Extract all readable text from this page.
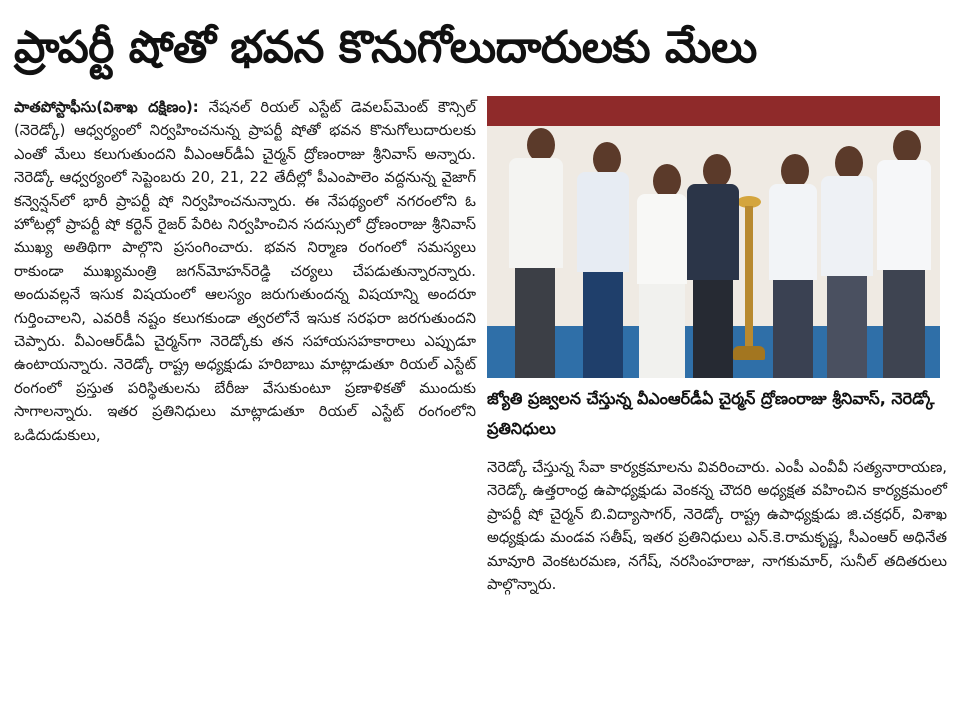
ప్రాపర్టీ షోతో భవన కొనుగోలుదారులకు మేలు
పాతపోస్టాఫీసు(విశాఖ దక్షిణం): నేషనల్ రియల్ ఎస్టేట్ డెవలప్‌మెంట్ కౌన్సిల్ (నెరెడ్కో) ఆధ్వర్యంలో నిర్వహించనున్న ప్రాపర్టీ షోతో భవన కొనుగోలుదారులకు ఎంతో మేలు కలుగుతుందని వీఎంఆర్‌డీఏ చైర్మన్ ద్రోణంరాజు శ్రీనివాస్ అన్నారు. నెరెడ్కో ఆధ్వర్యంలో సెప్టెంబరు 20, 21, 22 తేదీల్లో పీఎంపాలెం వద్దనున్న వైజాగ్ కన్వెన్షన్‌లో భారీ ప్రాపర్టీ షో నిర్వహించనున్నారు. ఈ నేపథ్యంలో నగరంలోని ఓ హోటల్లో ప్రాపర్టీ షో కర్టెన్ రైజర్ పేరిట నిర్వహించిన సదస్సులో ద్రోణంరాజు శ్రీనివాస్ ముఖ్య అతిథిగా పాల్గొని ప్రసంగించారు. భవన నిర్మాణ రంగంలో సమస్యలు రాకుండా ముఖ్యమంత్రి జగన్‌మోహన్‌రెడ్డి చర్యలు చేపడుతున్నారన్నారు. అందువల్లనే ఇసుక విషయంలో ఆలస్యం జరుగుతుందన్న విషయాన్ని అందరూ గుర్తించాలని, ఎవరికీ నష్టం కలుగకుండా త్వరలోనే ఇసుక సరఫరా జరగుతుందని చెప్పారు. వీఎంఆర్‌డీఏ చైర్మన్‌గా నెరెడ్కోకు తన సహాయసహకారాలు ఎప్పుడూ ఉంటాయన్నారు. నెరెడ్కో రాష్ట్ర అధ్యక్షుడు హరిబాబు మాట్లాడుతూ రియల్ ఎస్టేట్ రంగంలో ప్రస్తుత పరిస్థితులను బేరీజు వేసుకుంటూ ప్రణాళికతో ముందుకు సాగాలన్నారు. ఇతర ప్రతినిధులు మాట్లాడుతూ రియల్ ఎస్టేట్ రంగంలోని ఒడిదుడుకులు,
జ్యోతి ప్రజ్వలన చేస్తున్న వీఎంఆర్‌డీఏ చైర్మన్ ద్రోణంరాజు శ్రీనివాస్, నెరెడ్కో ప్రతినిధులు
నెరెడ్కో చేస్తున్న సేవా కార్యక్రమాలను వివరించారు. ఎంపీ ఎంవీవీ సత్యనారాయణ, నెరెడ్కో ఉత్తరాంధ్ర ఉపాధ్యక్షుడు వెంకన్న చౌదరి అధ్యక్షత వహించిన కార్యక్రమంలో ప్రాపర్టీ షో చైర్మన్ బి.విద్యాసాగర్, నెరెడ్కో రాష్ట్ర ఉపాధ్యక్షుడు జి.చక్రధర్, విశాఖ అధ్యక్షుడు మండవ సతీష్, ఇతర ప్రతినిధులు ఎన్.కె.రామకృష్ణ, సీఎంఆర్ అధినేత మావూరి వెంకటరమణ, నగేష్, నరసింహరాజు, నాగకుమార్, సునీల్ తదితరులు పాల్గొన్నారు.
